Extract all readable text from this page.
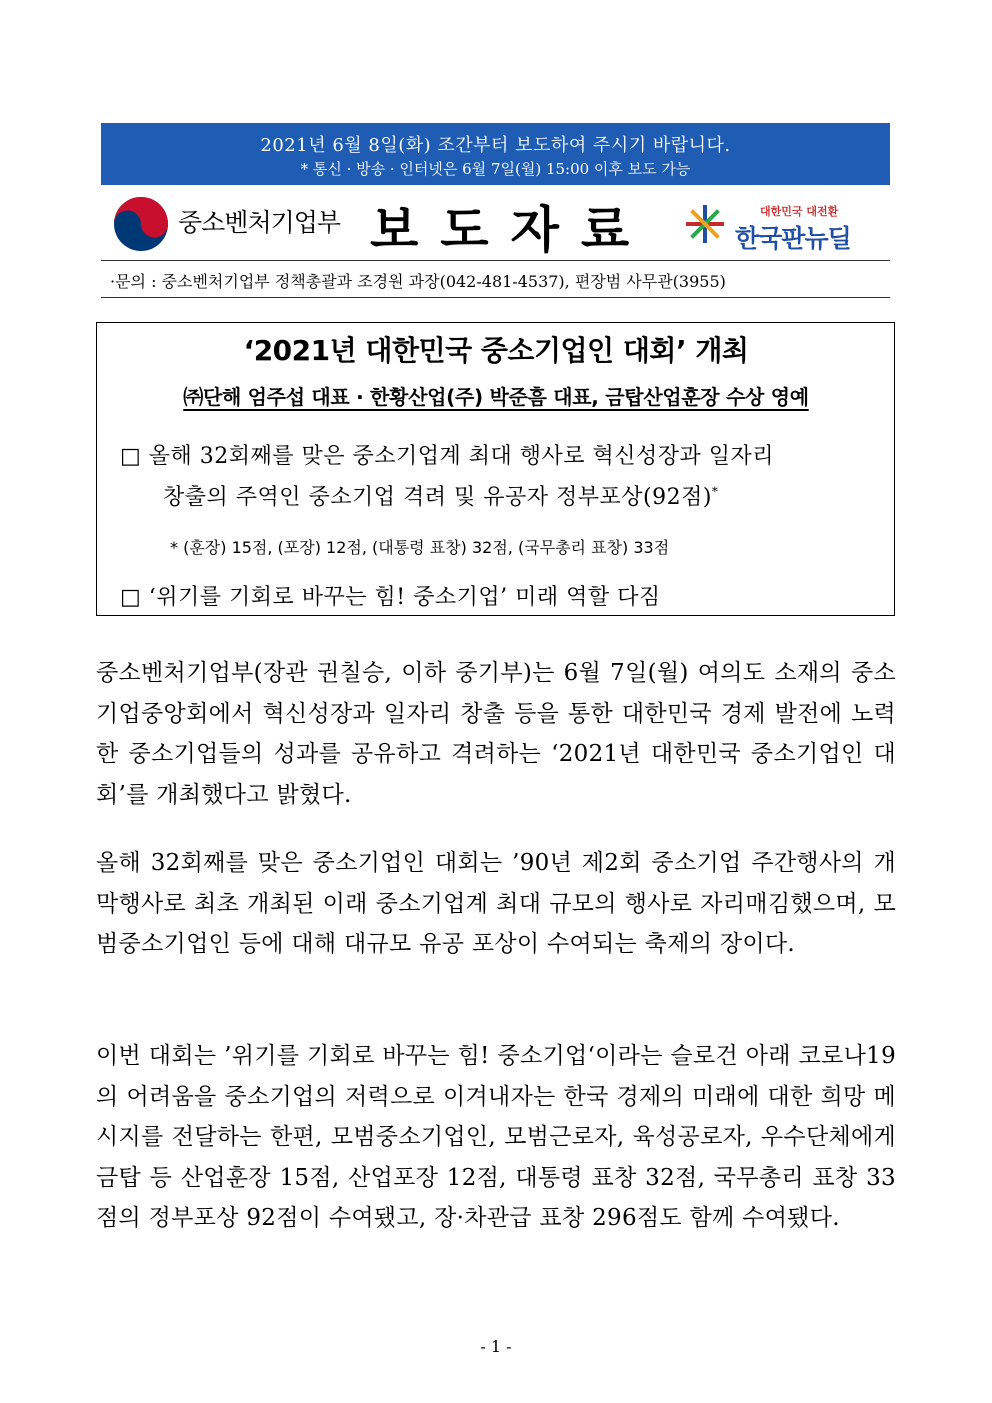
2021년 6월 8일(화) 조간부터 보도하여 주시기 바랍니다.
* 통신 · 방송 · 인터넷은 6월 7일(월) 15:00 이후 보도 가능
중소벤처기업부 보도자료	대한민국 대전환
한국판뉴딜
·문의 : 중소벤처기업부 정책총괄과 조경원 과장(042-481-4537), 편장범 사무관(3955)
‘2021년 대한민국 중소기업인 대회’ 개최
㈜단해 엄주섭 대표 · 한황산업(주) 박준흠 대표, 금탑산업훈장 수상 영예
□ 올해 32회째를 맞은 중소기업계 최대 행사로 혁신성장과 일자리
창출의 주역인 중소기업 격려 및 유공자 정부포상(92점)*
* (훈장) 15점, (포장) 12점, (대통령 표창) 32점, (국무총리 표창) 33점
□ ‘위기를 기회로 바꾸는 힘! 중소기업’ 미래 역할 다짐
중소벤처기업부(장관 권칠승, 이하 중기부)는 6월 7일(월) 여의도 소재의 중소기업중앙회에서 혁신성장과 일자리 창출 등을 통한 대한민국 경제 발전에 노력한 중소기업들의 성과를 공유하고 격려하는 ‘2021년 대한민국 중소기업인 대회’를 개최했다고 밝혔다.
올해 32회째를 맞은 중소기업인 대회는 ’90년 제2회 중소기업 주간행사의 개막행사로 최초 개최된 이래 중소기업계 최대 규모의 행사로 자리매김했으며, 모범중소기업인 등에 대해 대규모 유공 포상이 수여되는 축제의 장이다.
이번 대회는 ’위기를 기회로 바꾸는 힘! 중소기업‘이라는 슬로건 아래 코로나19의 어려움을 중소기업의 저력으로 이겨내자는 한국 경제의 미래에 대한 희망 메시지를 전달하는 한편, 모범중소기업인, 모범근로자, 육성공로자, 우수단체에게 금탑 등 산업훈장 15점, 산업포장 12점, 대통령 표창 32점, 국무총리 표창 33점의 정부포상 92점이 수여됐고, 장·차관급 표창 296점도 함께 수여됐다.
- 1 -
